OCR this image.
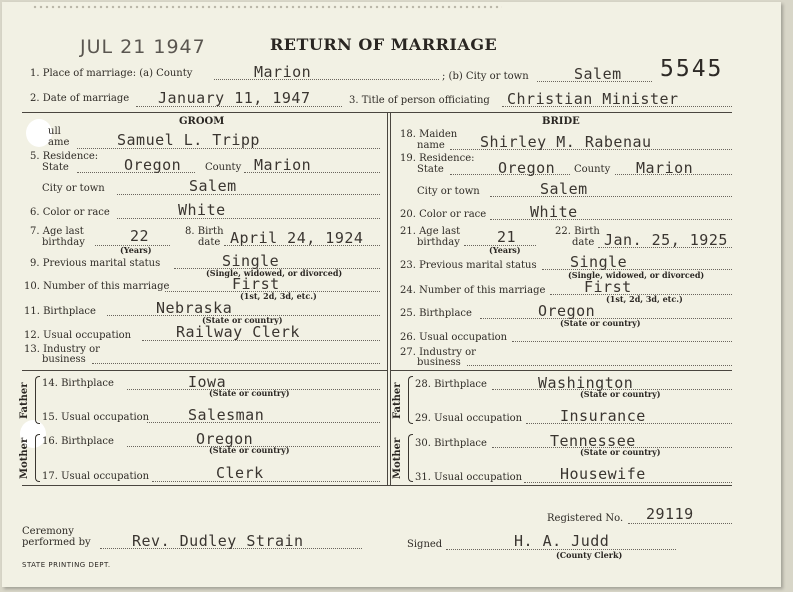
JUL 21 1947	RETURN OF MARRIAGE
5545
1. Place of marriage: (a) County	Marion	; (b) City or town	Salem
2. Date of marriage January 11, 1947	3. Title of person officiating Christian Minister
GROOM	BRIDE
ull
ame	Samuel L. Tripp
5. Residence:
State	Oregon County Marion
City or town	Salem
6. Color or race	White
7. Age last
birthday	22
(Years)
8. Birth
date April 24, 1924
9. Previous marital status	Single
(Single, widowed, or divorced)
10. Number of this marriage	First
(1st, 2d, 3d, etc.)
11. Birthplace	Nebraska
(State or country)
12. Usual occupation	Railway Clerk
13. Industry or
business
Father	14. Birthplace	Iowa
(State or country)
15. Usual occupation	Salesman
Mother	16. Birthplace	Oregon
(State or country)
17. Usual occupation	Clerk
18. Maiden
name Shirley M. Rabenau
19. Residence:
State	Oregon County Marion
City or town	Salem
20. Color or race	White
21. Age last
birthday 21
(Years)
22. Birth
date Jan. 25, 1925
23. Previous marital status Single
(Single, widowed, or divorced)
24. Number of this marriage	First
(1st, 2d, 3d, etc.)
25. Birthplace	Oregon
(State or country)
26. Usual occupation
27. Industry or
business
Father	28. Birthplace	Washington
(State or country)
29. Usual occupation	Insurance
Mother	30. Birthplace	Tennessee
(State or country)
31. Usual occupation	Housewife
Registered No. 29119
Ceremony
performed by	Rev. Dudley Strain	Signed	H. A. Judd
(County Clerk)
STATE PRINTING DEPT.
